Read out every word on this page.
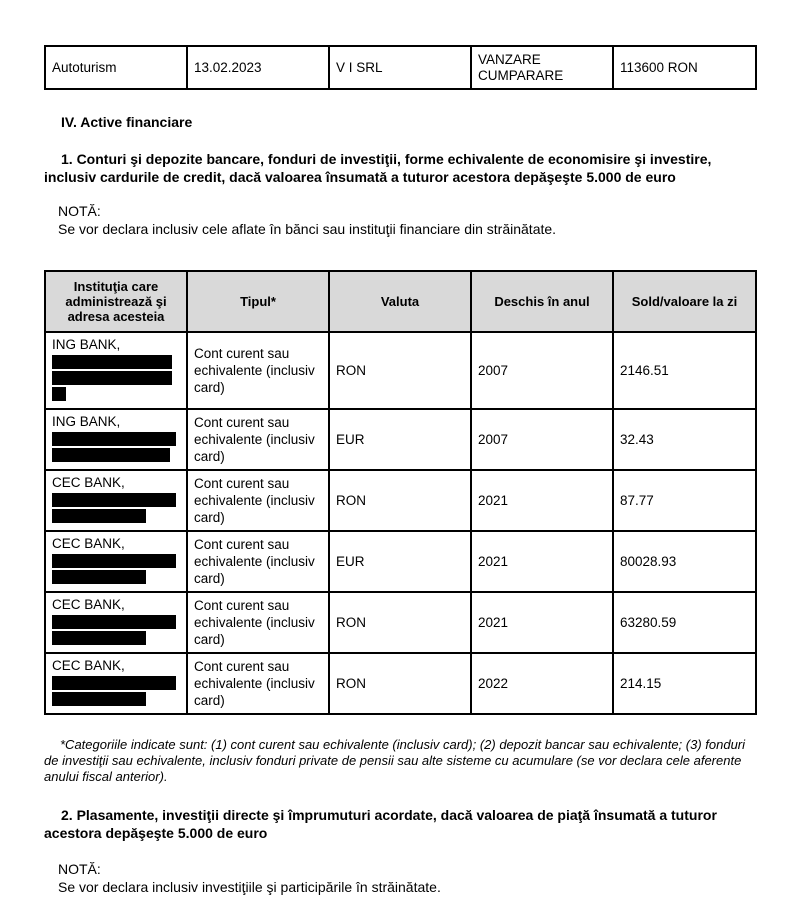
Autoturism	13.02.2023	V I SRL	VANZARE CUMPARARE	113600 RON
IV. Active financiare
1. Conturi şi depozite bancare, fonduri de investiţii, forme echivalente de economisire şi investire, inclusiv cardurile de credit, dacă valoarea însumată a tuturor acestora depăşeşte 5.000 de euro
NOTĂ:
Se vor declara inclusiv cele aflate în bănci sau instituţii financiare din străinătate.
Instituţia care administrează şi adresa acesteia	Tipul*	Valuta	Deschis în anul	Sold/valoare la zi

ING BANK,	Cont curent sau echivalente (inclusiv card)	RON	2007	2146.51

ING BANK,	Cont curent sau echivalente (inclusiv card)	EUR	2007	32.43

CEC BANK,	Cont curent sau echivalente (inclusiv card)	RON	2021	87.77

CEC BANK,	Cont curent sau echivalente (inclusiv card)	EUR	2021	80028.93

CEC BANK,	Cont curent sau echivalente (inclusiv card)	RON	2021	63280.59

CEC BANK,	Cont curent sau echivalente (inclusiv card)	RON	2022	214.15
*Categoriile indicate sunt: (1) cont curent sau echivalente (inclusiv card); (2) depozit bancar sau echivalente; (3) fonduri de investiţii sau echivalente, inclusiv fonduri private de pensii sau alte sisteme cu acumulare (se vor declara cele aferente anului fiscal anterior).
2. Plasamente, investiţii directe şi împrumuturi acordate, dacă valoarea de piaţă însumată a tuturor acestora depăşeşte 5.000 de euro
NOTĂ:
Se vor declara inclusiv investiţiile şi participările în străinătate.
